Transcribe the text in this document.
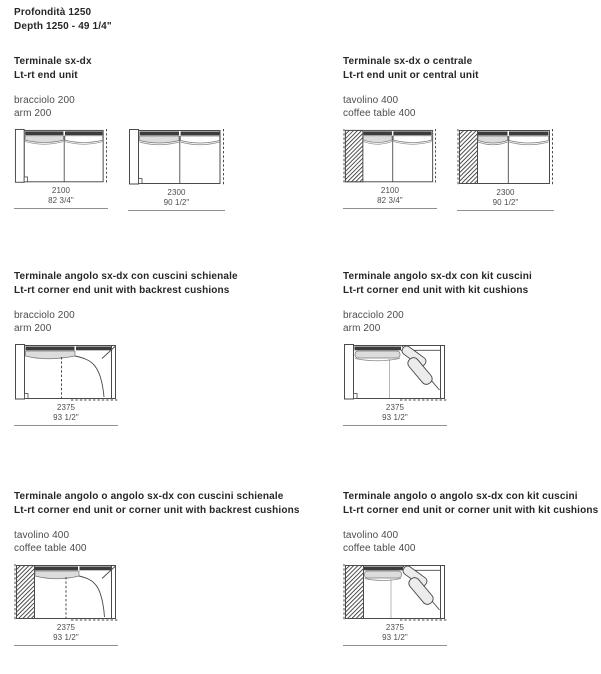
Profondità 1250
Depth 1250 - 49 1/4"
Terminale sx-dx
Lt-rt end unit
bracciolo 200
arm 200
2100
82 3/4"
2300
90 1/2"
Terminale sx-dx o centrale
Lt-rt end unit or central unit
tavolino 400
coffee table 400
2100
82 3/4"
2300
90 1/2"
Terminale angolo sx-dx con cuscini schienale
Lt-rt corner end unit with backrest cushions
bracciolo 200
arm 200
2375
93 1/2"
Terminale angolo sx-dx con kit cuscini
Lt-rt corner end unit with kit cushions
bracciolo 200
arm 200
2375
93 1/2"
Terminale angolo o angolo sx-dx con cuscini schienale
Lt-rt corner end unit or corner unit with backrest cushions
tavolino 400
coffee table 400
2375
93 1/2"
Terminale angolo o angolo sx-dx con kit cuscini
Lt-rt corner end unit or corner unit with kit cushions
tavolino 400
coffee table 400
2375
93 1/2"
